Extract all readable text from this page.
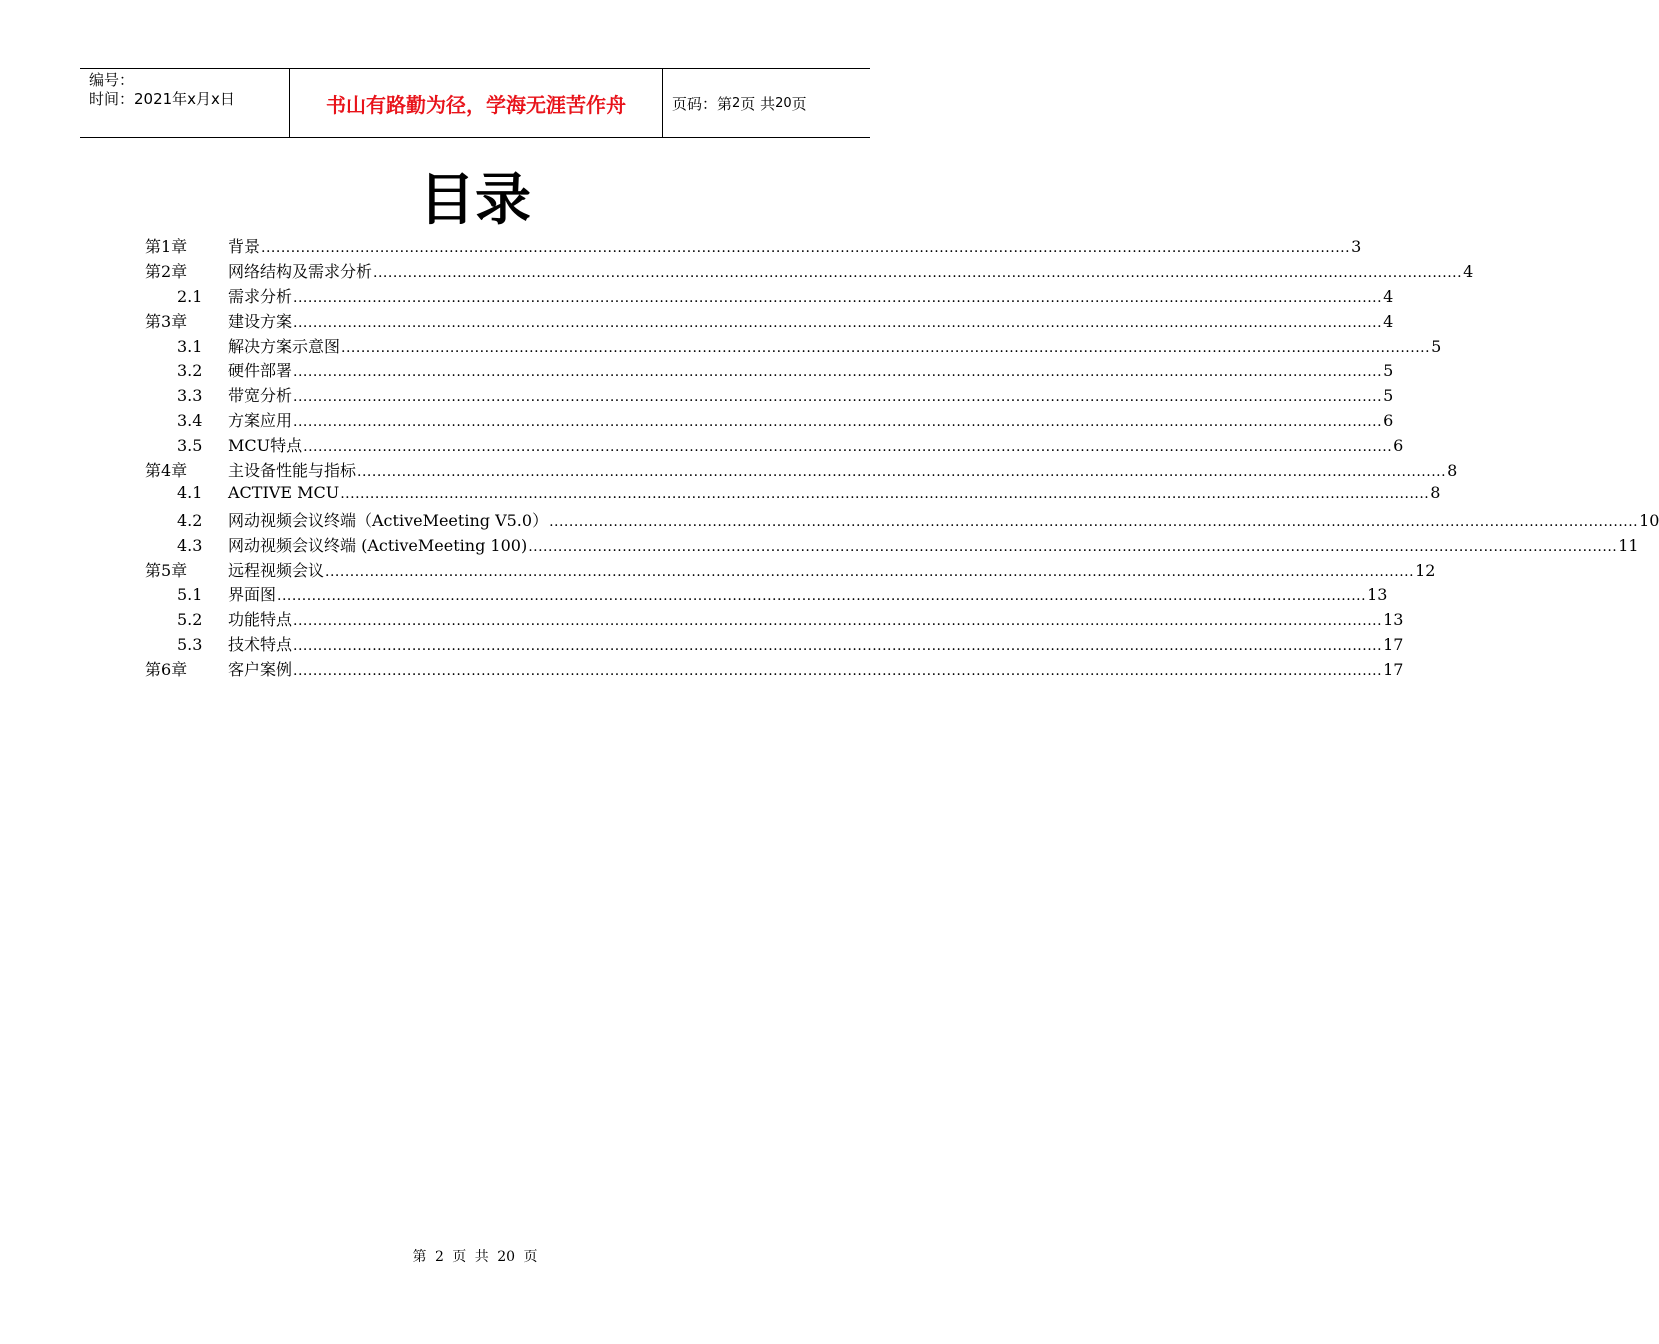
编号：
时间：2021年x月x日	书山有路勤为径，学海无涯苦作舟	页码：第 2 页 共 20 页
目录
第1章	背景 ............................................................................................................................................................................................................................ 3
第2章	网络结构及需求分析 ............................................................................................................................................................................................................................ 4
2.1	需求分析 ............................................................................................................................................................................................................................ 4
第3章	建设方案 ............................................................................................................................................................................................................................ 4
3.1	解决方案示意图 ............................................................................................................................................................................................................................ 5
3.2	硬件部署 ............................................................................................................................................................................................................................ 5
3.3	带宽分析 ............................................................................................................................................................................................................................ 5
3.4	方案应用 ............................................................................................................................................................................................................................ 6
3.5	MCU特点 ............................................................................................................................................................................................................................ 6
第4章	主设备性能与指标 ............................................................................................................................................................................................................................ 8
4.1	ACTIVE MCU ............................................................................................................................................................................................................................ 8
4.2	网动视频会议终端（ActiveMeeting V5.0） ............................................................................................................................................................................................................................ 10
4.3	网动视频会议终端 (ActiveMeeting 100) ............................................................................................................................................................................................................................ 11
第5章	远程视频会议 ............................................................................................................................................................................................................................ 12
5.1	界面图 ............................................................................................................................................................................................................................ 13
5.2	功能特点 ............................................................................................................................................................................................................................ 13
5.3	技术特点 ............................................................................................................................................................................................................................ 17
第6章	客户案例 ............................................................................................................................................................................................................................ 17
第 2 页 共 20 页
